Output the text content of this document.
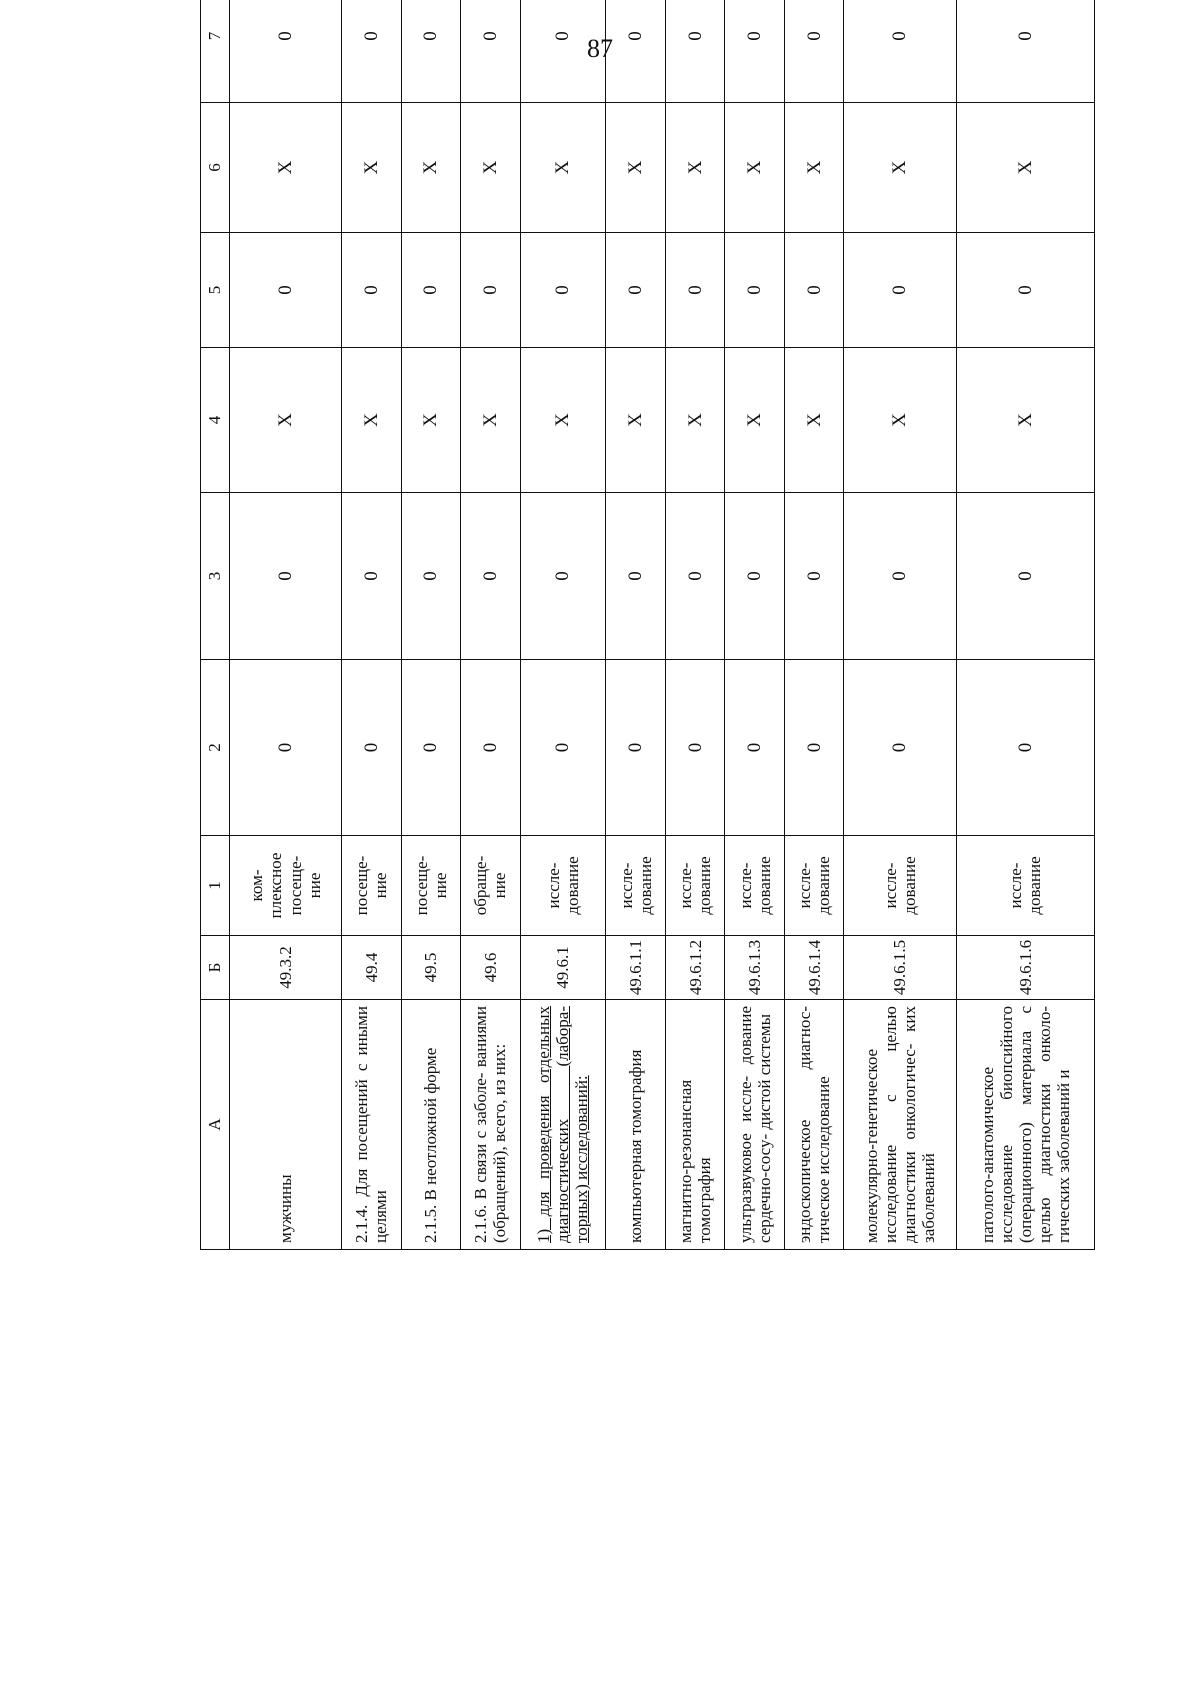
87
А	Б	1	2	3	4	5	6	7	
мужчины	49.3.2	ком- плексное посеще- ние	0	0	Х	0	Х	0	
2.1.4. Для посещений с иными целями	49.4	посеще- ние	0	0	Х	0	Х	0	
2.1.5. В неотложной форме	49.5	посеще- ние	0	0	Х	0	Х	0	
2.1.6. В связи с заболе- ваниями (обращений), всего, из них:	49.6	обраще- ние	0	0	Х	0	Х	0	
1) для проведения отдельных диагностических (лабора- торных) исследований:	49.6.1	иссле- дование	0	0	Х	0	Х	0	
компьютерная томография	49.6.1.1	иссле- дование	0	0	Х	0	Х	0	
магнитно-резонансная томография	49.6.1.2	иссле- дование	0	0	Х	0	Х	0	
ультразвуковое иссле- дование сердечно-сосу- дистой системы	49.6.1.3	иссле- дование	0	0	Х	0	Х	0	
эндоскопическое диагнос- тическое исследование	49.6.1.4	иссле- дование	0	0	Х	0	Х	0	
молекулярно-генетическое исследование с целью диагностики онкологичес- ких заболеваний	49.6.1.5	иссле- дование	0	0	Х	0	Х	0	
патолого-анатомическое исследование биопсийного (операционного) материала с целью диагностики онколо- гических заболеваний и	49.6.1.6	иссле- дование	0	0	Х	0	Х	0	
